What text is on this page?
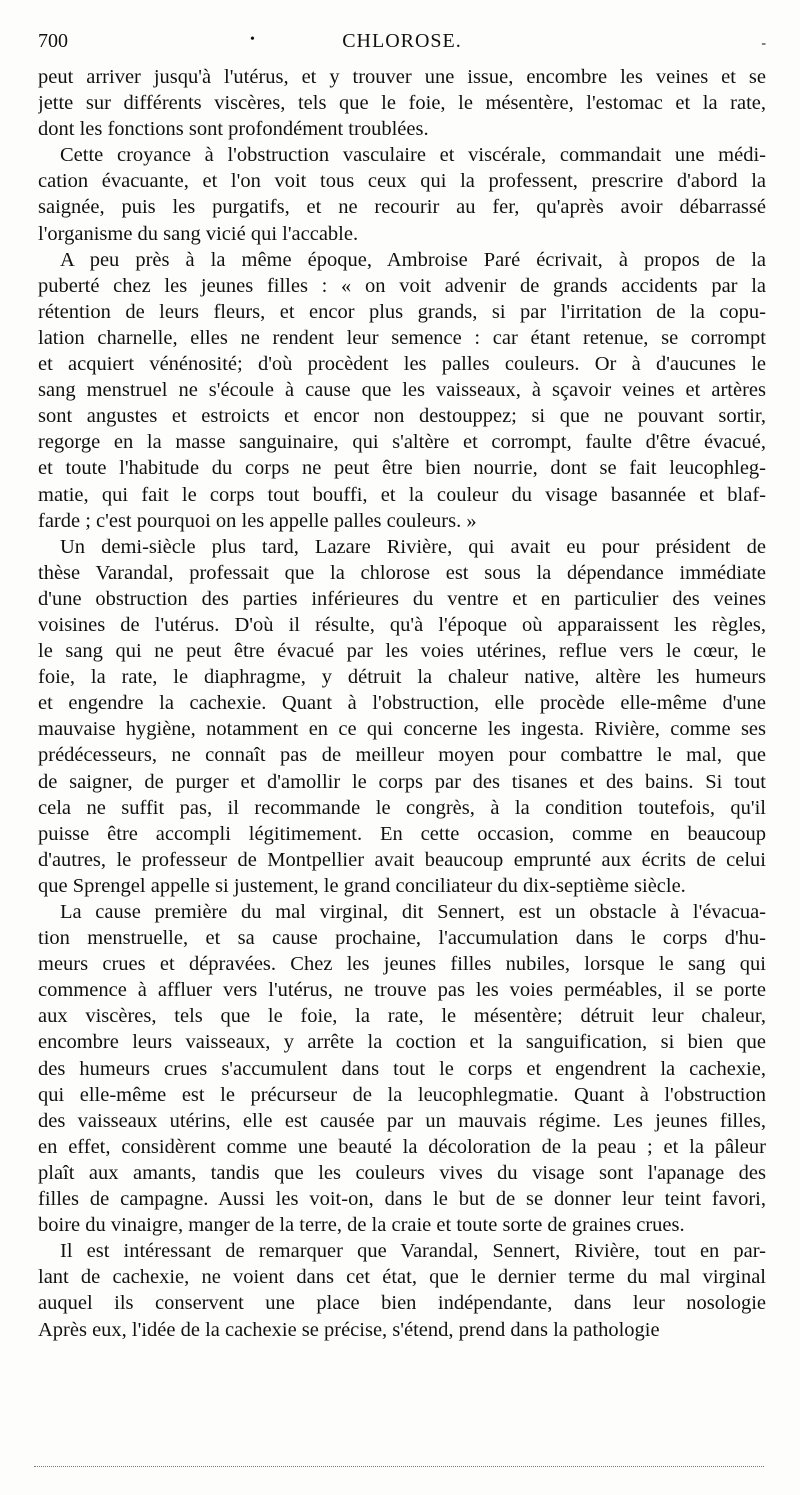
700	CHLOROSE.
•	-
peut arriver jusqu'à l'utérus, et y trouver une issue, encombre les veines et se
jette sur différents viscères, tels que le foie, le mésentère, l'estomac et la rate,
dont les fonctions sont profondément troublées.
Cette croyance à l'obstruction vasculaire et viscérale, commandait une médi-
cation évacuante, et l'on voit tous ceux qui la professent, prescrire d'abord la
saignée, puis les purgatifs, et ne recourir au fer, qu'après avoir débarrassé
l'organisme du sang vicié qui l'accable.
A peu près à la même époque, Ambroise Paré écrivait, à propos de la
puberté chez les jeunes filles : « on voit advenir de grands accidents par la
rétention de leurs fleurs, et encor plus grands, si par l'irritation de la copu-
lation charnelle, elles ne rendent leur semence : car étant retenue, se corrompt
et acquiert vénénosité; d'où procèdent les palles couleurs. Or à d'aucunes le
sang menstruel ne s'écoule à cause que les vaisseaux, à sçavoir veines et artères
sont angustes et estroicts et encor non destouppez; si que ne pouvant sortir,
regorge en la masse sanguinaire, qui s'altère et corrompt, faulte d'être évacué,
et toute l'habitude du corps ne peut être bien nourrie, dont se fait leucophleg-
matie, qui fait le corps tout bouffi, et la couleur du visage basannée et blaf-
farde ; c'est pourquoi on les appelle palles couleurs. »
Un demi-siècle plus tard, Lazare Rivière, qui avait eu pour président de
thèse Varandal, professait que la chlorose est sous la dépendance immédiate
d'une obstruction des parties inférieures du ventre et en particulier des veines
voisines de l'utérus. D'où il résulte, qu'à l'époque où apparaissent les règles,
le sang qui ne peut être évacué par les voies utérines, reflue vers le cœur, le
foie, la rate, le diaphragme, y détruit la chaleur native, altère les humeurs
et engendre la cachexie. Quant à l'obstruction, elle procède elle-même d'une
mauvaise hygiène, notamment en ce qui concerne les ingesta. Rivière, comme ses
prédécesseurs, ne connaît pas de meilleur moyen pour combattre le mal, que
de saigner, de purger et d'amollir le corps par des tisanes et des bains. Si tout
cela ne suffit pas, il recommande le congrès, à la condition toutefois, qu'il
puisse être accompli légitimement. En cette occasion, comme en beaucoup
d'autres, le professeur de Montpellier avait beaucoup emprunté aux écrits de celui
que Sprengel appelle si justement, le grand conciliateur du dix-septième siècle.
La cause première du mal virginal, dit Sennert, est un obstacle à l'évacua-
tion menstruelle, et sa cause prochaine, l'accumulation dans le corps d'hu-
meurs crues et dépravées. Chez les jeunes filles nubiles, lorsque le sang qui
commence à affluer vers l'utérus, ne trouve pas les voies perméables, il se porte
aux viscères, tels que le foie, la rate, le mésentère; détruit leur chaleur,
encombre leurs vaisseaux, y arrête la coction et la sanguification, si bien que
des humeurs crues s'accumulent dans tout le corps et engendrent la cachexie,
qui elle-même est le précurseur de la leucophlegmatie. Quant à l'obstruction
des vaisseaux utérins, elle est causée par un mauvais régime. Les jeunes filles,
en effet, considèrent comme une beauté la décoloration de la peau ; et la pâleur
plaît aux amants, tandis que les couleurs vives du visage sont l'apanage des
filles de campagne. Aussi les voit-on, dans le but de se donner leur teint favori,
boire du vinaigre, manger de la terre, de la craie et toute sorte de graines crues.
Il est intéressant de remarquer que Varandal, Sennert, Rivière, tout en par-
lant de cachexie, ne voient dans cet état, que le dernier terme du mal virginal
auquel ils conservent une place bien indépendante, dans leur nosologie
Après eux, l'idée de la cachexie se précise, s'étend, prend dans la pathologie
